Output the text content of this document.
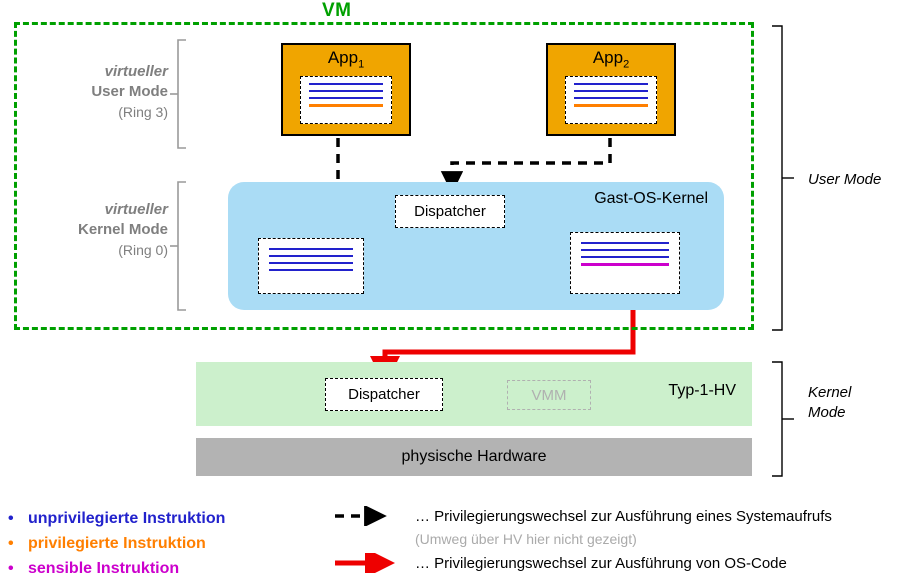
VM
App$_1$	App$_2$
Gast-OS-Kernel
Dispatcher
virtueller
User Mode
(Ring 3)
virtueller
Kernel Mode
(Ring 0)
User Mode
Kernel
Mode
Typ-1-HV
Dispatcher	VMM
physische Hardware
• unprivilegierte Instruktion
• privilegierte Instruktion
• sensible Instruktion
… Privilegierungswechsel zur Ausführung eines Systemaufrufs
(Umweg über HV hier nicht gezeigt)
… Privilegierungswechsel zur Ausführung von OS-Code
